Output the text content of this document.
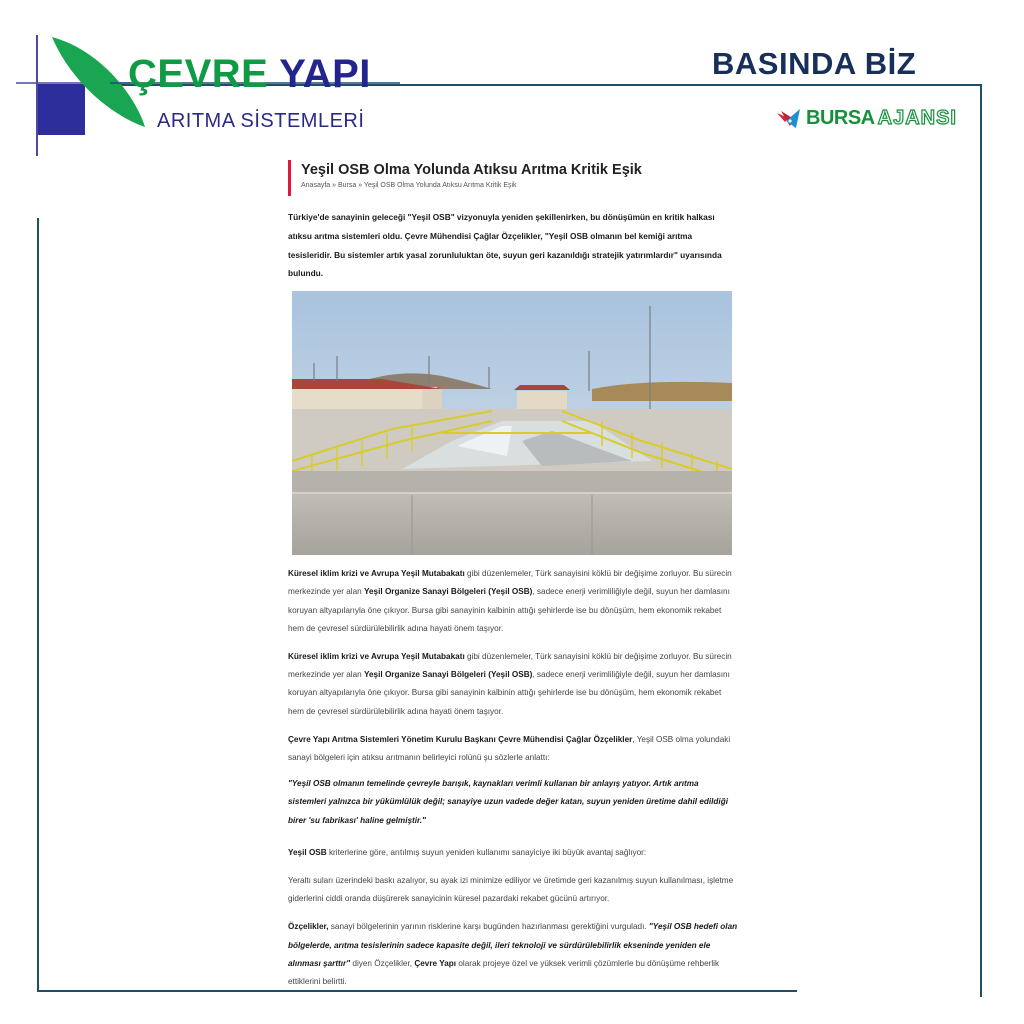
ÇEVRE YAPI
ARITMA SİSTEMLERİ
BASINDA BİZ
BURSA AJANSI
Yeşil OSB Olma Yolunda Atıksu Arıtma Kritik Eşik
Anasayfa » Bursa » Yeşil OSB Olma Yolunda Atıksu Arıtma Kritik Eşik
Türkiye'de sanayinin geleceği "Yeşil OSB" vizyonuyla yeniden şekillenirken, bu dönüşümün en kritik halkası atıksu arıtma sistemleri oldu. Çevre Mühendisi Çağlar Özçelikler, "Yeşil OSB olmanın bel kemiği arıtma tesisleridir. Bu sistemler artık yasal zorunluluktan öte, suyun geri kazanıldığı stratejik yatırımlardır" uyarısında bulundu.
Küresel iklim krizi ve Avrupa Yeşil Mutabakatı gibi düzenlemeler, Türk sanayisini köklü bir değişime zorluyor. Bu sürecin merkezinde yer alan Yeşil Organize Sanayi Bölgeleri (Yeşil OSB), sadece enerji verimliliğiyle değil, suyun her damlasını koruyan altyapılarıyla öne çıkıyor. Bursa gibi sanayinin kalbinin attığı şehirlerde ise bu dönüşüm, hem ekonomik rekabet hem de çevresel sürdürülebilirlik adına hayati önem taşıyor.
Küresel iklim krizi ve Avrupa Yeşil Mutabakatı gibi düzenlemeler, Türk sanayisini köklü bir değişime zorluyor. Bu sürecin merkezinde yer alan Yeşil Organize Sanayi Bölgeleri (Yeşil OSB), sadece enerji verimliliğiyle değil, suyun her damlasını koruyan altyapılarıyla öne çıkıyor. Bursa gibi sanayinin kalbinin attığı şehirlerde ise bu dönüşüm, hem ekonomik rekabet hem de çevresel sürdürülebilirlik adına hayati önem taşıyor.
Çevre Yapı Arıtma Sistemleri Yönetim Kurulu Başkanı Çevre Mühendisi Çağlar Özçelikler, Yeşil OSB olma yolundaki sanayi bölgeleri için atıksu arıtmanın belirleyici rolünü şu sözlerle anlattı:
"Yeşil OSB olmanın temelinde çevreyle barışık, kaynakları verimli kullanan bir anlayış yatıyor. Artık arıtma sistemleri yalnızca bir yükümlülük değil; sanayiye uzun vadede değer katan, suyun yeniden üretime dahil edildiği birer 'su fabrikası' haline gelmiştir."
Yeşil OSB kriterlerine göre, arıtılmış suyun yeniden kullanımı sanayiciye iki büyük avantaj sağlıyor:
Yeraltı suları üzerindeki baskı azalıyor, su ayak izi minimize ediliyor ve üretimde geri kazanılmış suyun kullanılması, işletme giderlerini ciddi oranda düşürerek sanayicinin küresel pazardaki rekabet gücünü artırıyor.
Özçelikler, sanayi bölgelerinin yarının risklerine karşı bugünden hazırlanması gerektiğini vurguladı. "Yeşil OSB hedefi olan bölgelerde, arıtma tesislerinin sadece kapasite değil, ileri teknoloji ve sürdürülebilirlik ekseninde yeniden ele alınması şarttır" diyen Özçelikler, Çevre Yapı olarak projeye özel ve yüksek verimli çözümlerle bu dönüşüme rehberlik ettiklerini belirtti.
